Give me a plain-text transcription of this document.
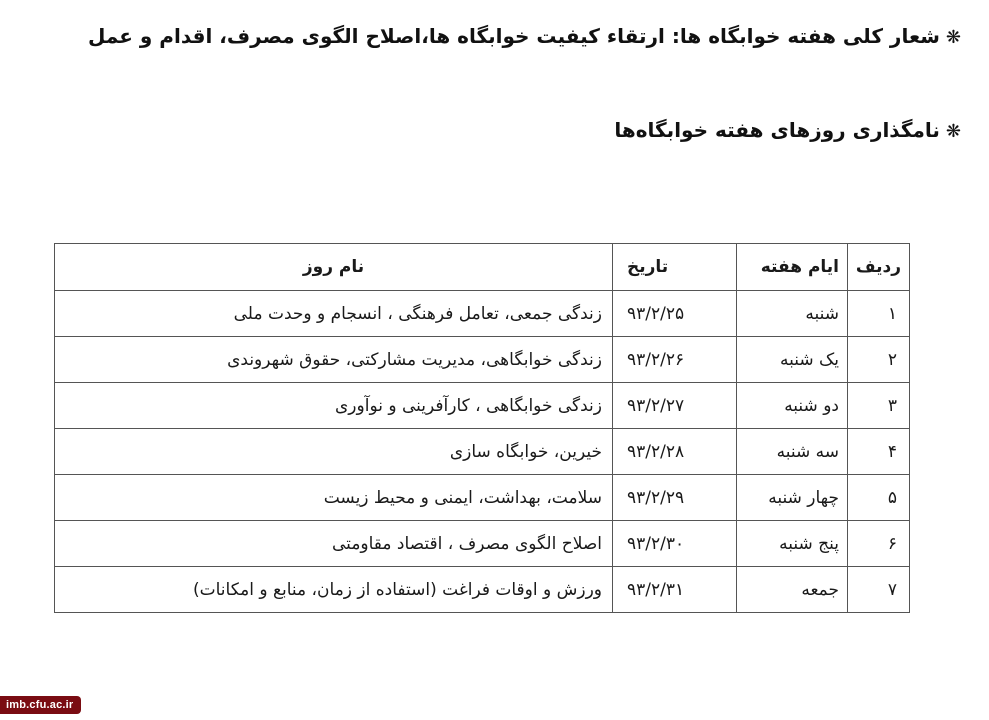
❋شعار کلی هفته خوابگاه ها: ارتقاء کیفیت خوابگاه ها،اصلاح الگوی مصرف، اقدام و عمل
❋نامگذاری روزهای هفته خوابگاه‌ها
ردیف	ایام هفته	تاریخ	نام روز
۱	شنبه	۹۳/۲/۲۵	زندگی جمعی، تعامل فرهنگی ، انسجام و وحدت ملی
۲	یک شنبه	۹۳/۲/۲۶	زندگی خوابگاهی، مدیریت مشارکتی، حقوق شهروندی
۳	دو شنبه	۹۳/۲/۲۷	زندگی خوابگاهی ، کارآفرینی و نوآوری
۴	سه شنبه	۹۳/۲/۲۸	خیرین، خوابگاه سازی
۵	چهار شنبه	۹۳/۲/۲۹	سلامت، بهداشت، ایمنی و محیط زیست
۶	پنج شنبه	۹۳/۲/۳۰	اصلاح الگوی مصرف ، اقتصاد مقاومتی
۷	جمعه	۹۳/۲/۳۱	ورزش و اوقات فراغت (استفاده از زمان، منابع و امکانات)
imb.cfu.ac.ir
